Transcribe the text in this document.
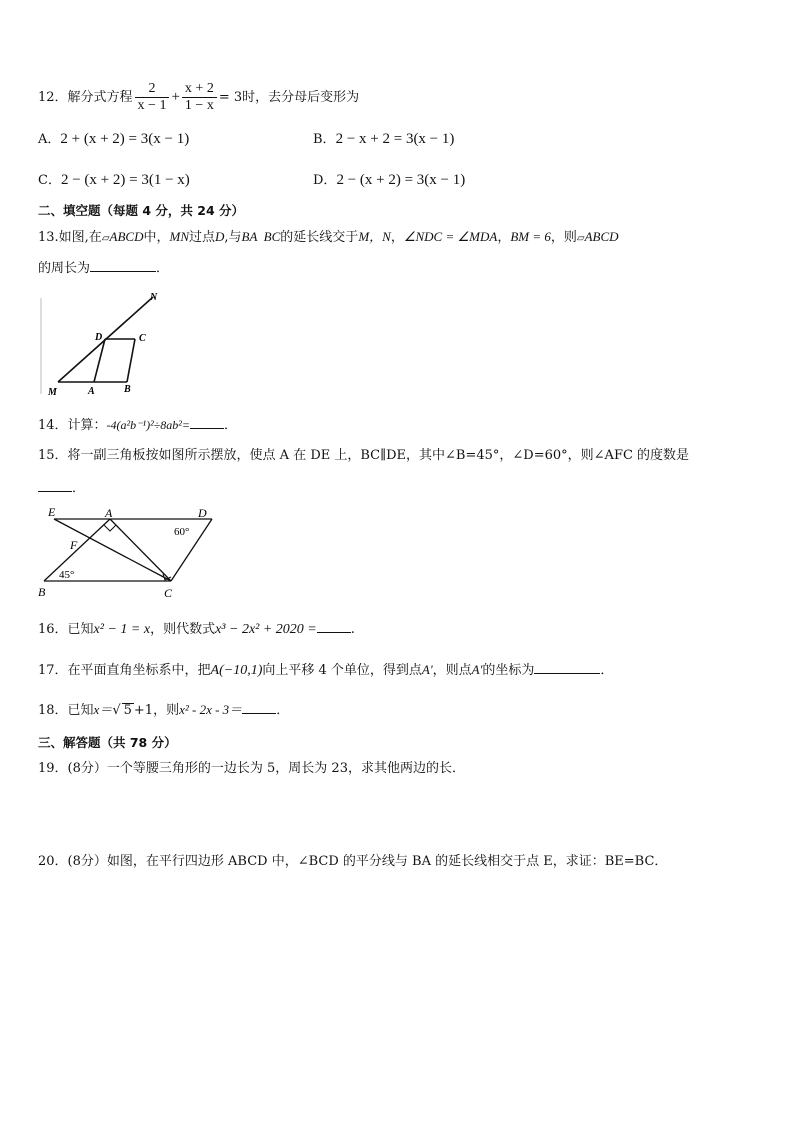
12．解分式方程 $\frac{2}{x - 1} + \frac{x + 2}{1 - x} = 3$时，去分母后变形为
A．2 + (x + 2) = 3(x − 1)	B．2 − x + 2 = 3(x − 1)
C．2 − (x + 2) = 3(1 − x)	D．2 − (x + 2) = 3(x − 1)
二、填空题（每题 4 分，共 24 分）
13.如图,在▱ABCD中，MN过点D,与BA  BC的延长线交于M，N，∠NDC = ∠MDA，BM = 6，则▱ABCD
的周长为	．
N
D	C
M	A	B
14．计算：-4(a²b⁻¹)²÷8ab²=	．
15．将一副三角板按如图所示摆放，使点 A 在 DE 上，BC∥DE，其中∠B=45°，∠D=60°，则∠AFC 的度数是
．
E	A	D
F
B	C
60°
45°
16．已知x² − 1 = x，则代数式x³ − 2x² + 2020 =	.
17．在平面直角坐标系中，把A(−10,1)向上平移 4 个单位，得到点A'，则点A'的坐标为	．
18．已知x＝√ 5 +1，则x² - 2x - 3＝	．
三、解答题（共 78 分）
19．(8分）一个等腰三角形的一边长为 5，周长为 23，求其他两边的长．
20．(8分）如图，在平行四边形 ABCD 中，∠BCD 的平分线与 BA 的延长线相交于点 E，求证：BE=BC．
